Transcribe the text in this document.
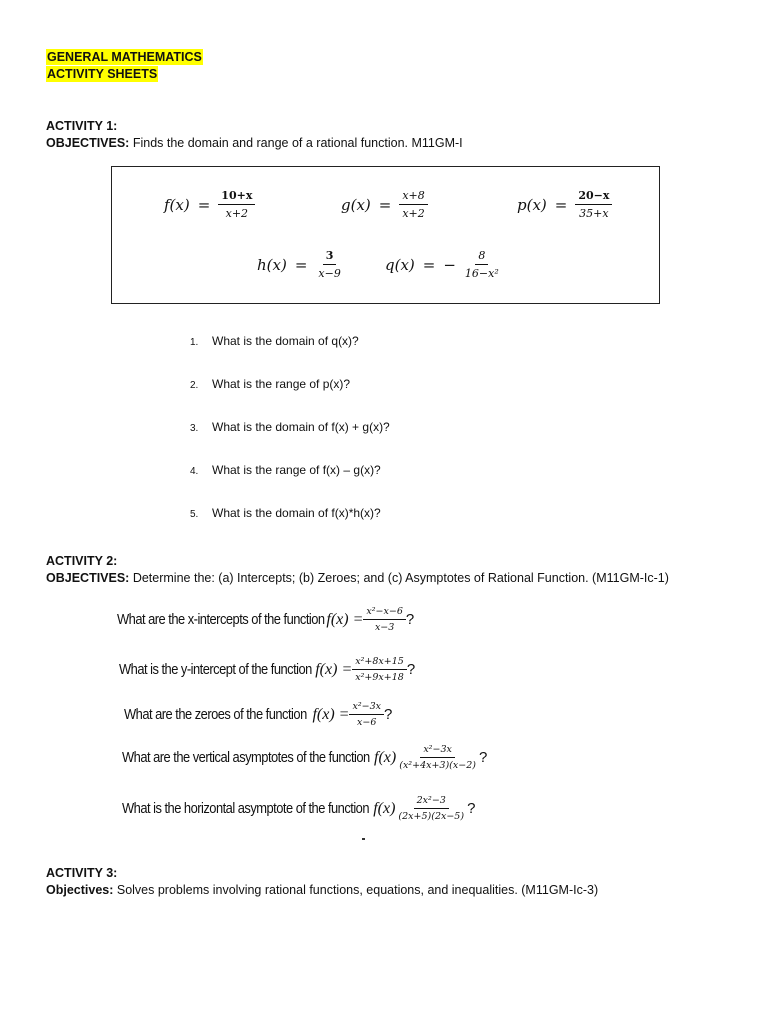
GENERAL MATHEMATICS
ACTIVITY SHEETS
ACTIVITY 1:
OBJECTIVES: Finds the domain and range of a rational function. M11GM-I
$f(x) = \frac{10+x}{x+2}$	$g(x) = \frac{x+8}{x+2}$	$p(x) = \frac{20-x}{35+x}$
$h(x) = \frac{3}{x-9}$	q(x) = − $\frac{8}{\text{16−x²}}$
1. What is the domain of q(x)?
2. What is the range of p(x)?
3. What is the domain of f(x) + g(x)?
4. What is the range of f(x) – g(x)?
5. What is the domain of f(x)*h(x)?
ACTIVITY 2:
OBJECTIVES: Determine the: (a) Intercepts; (b) Zeroes; and (c) Asymptotes of Rational Function. (M11GM-Ic-1)
What are the x-intercepts of the function $f(x) = \frac{\text{x²−x−6}}{x-3}$ ?
What is the y-intercept of the function $f(x) = \frac{\text{x²+8x+15}}{\text{x²+9x+18}}$ ?
What are the zeroes of the function $f(x) = \frac{\text{x²−3x}}{x-6}$ ?
What are the vertical asymptotes of the function $f(x) \frac{\text{x²−3x}}{\text{(x²+4x+3)(x−2)}}$ ?
What is the horizontal asymptote of the function $f(x) \frac{\text{2x²−3}}{(2x+5)(2x-5)}$ ?
ACTIVITY 3:
Objectives: Solves problems involving rational functions, equations, and inequalities. (M11GM-Ic-3)
